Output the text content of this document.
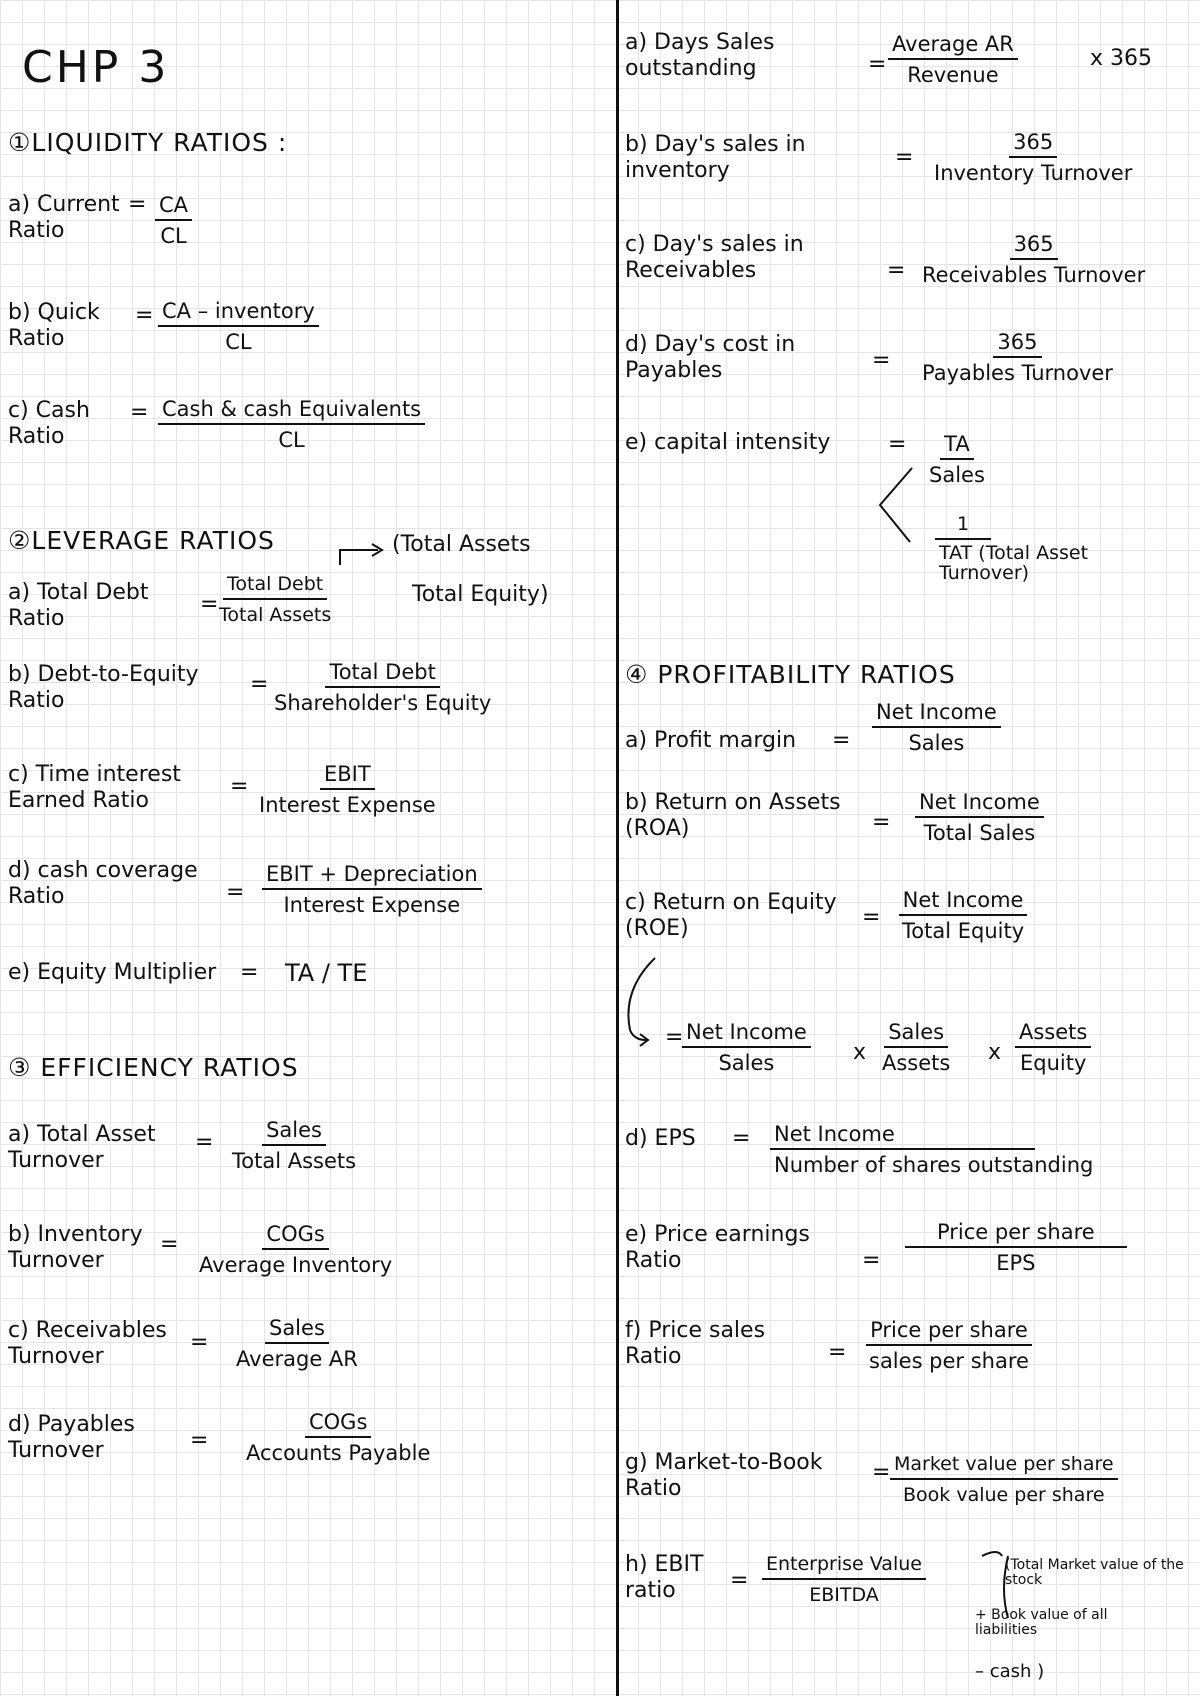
CHP 3
①LIQUIDITY RATIOS :
a) Current Ratio
= $\frac{CA}{CL}$
b) Quick Ratio
= CA – inventory
CL
c) Cash Ratio
= Cash & cash Equivalents
CL
②LEVERAGE RATIOS	(Total Assets
Total Equity)
a) Total Debt Ratio
=
Total Debt
Total Assets
b) Debt-to-Equity Ratio
=	Total Debt
Shareholder's Equity
c) Time interest Earned Ratio
=	EBIT
Interest Expense
d) cash coverage Ratio	=
EBIT + Depreciation
Interest Expense
e) Equity Multiplier = TA / TE
③ EFFICIENCY RATIOS
a) Total Asset Turnover
=	Sales
Total Assets
b) Inventory Turnover
=	COGs
Average Inventory
c) Receivables Turnover
=
Sales
Average AR
d) Payables Turnover	=
COGs
Accounts Payable
a) Days Sales outstanding	=
Average AR
Revenue
x 365
b) Day's sales in inventory
=
365
Inventory Turnover
c) Day's sales in Receivables	=
365
Receivables Turnover
d) Day's cost in Payables	=
365
Payables Turnover
e) capital intensity	= TA
Sales
1
TAT (Total Asset Turnover)
④ PROFITABILITY RATIOS
a) Profit margin =
Net Income
Sales
b) Return on Assets (ROA)	=
Net Income
Total Sales
c) Return on Equity (ROE)	=
Net Income
Total Equity
= Net Income
Sales	x
Sales
Assets x
Assets
Equity
d) EPS = Net Income
Number of shares outstanding
e) Price earnings Ratio	=
Price per share
EPS
f) Price sales Ratio	=
Price per share
sales per share
g) Market-to-Book Ratio
= Market value per share
Book value per share
h) EBIT ratio	=
Enterprise Value
EBITDA
(Total Market value of the stock
+ Book value of all liabilities
– cash )
